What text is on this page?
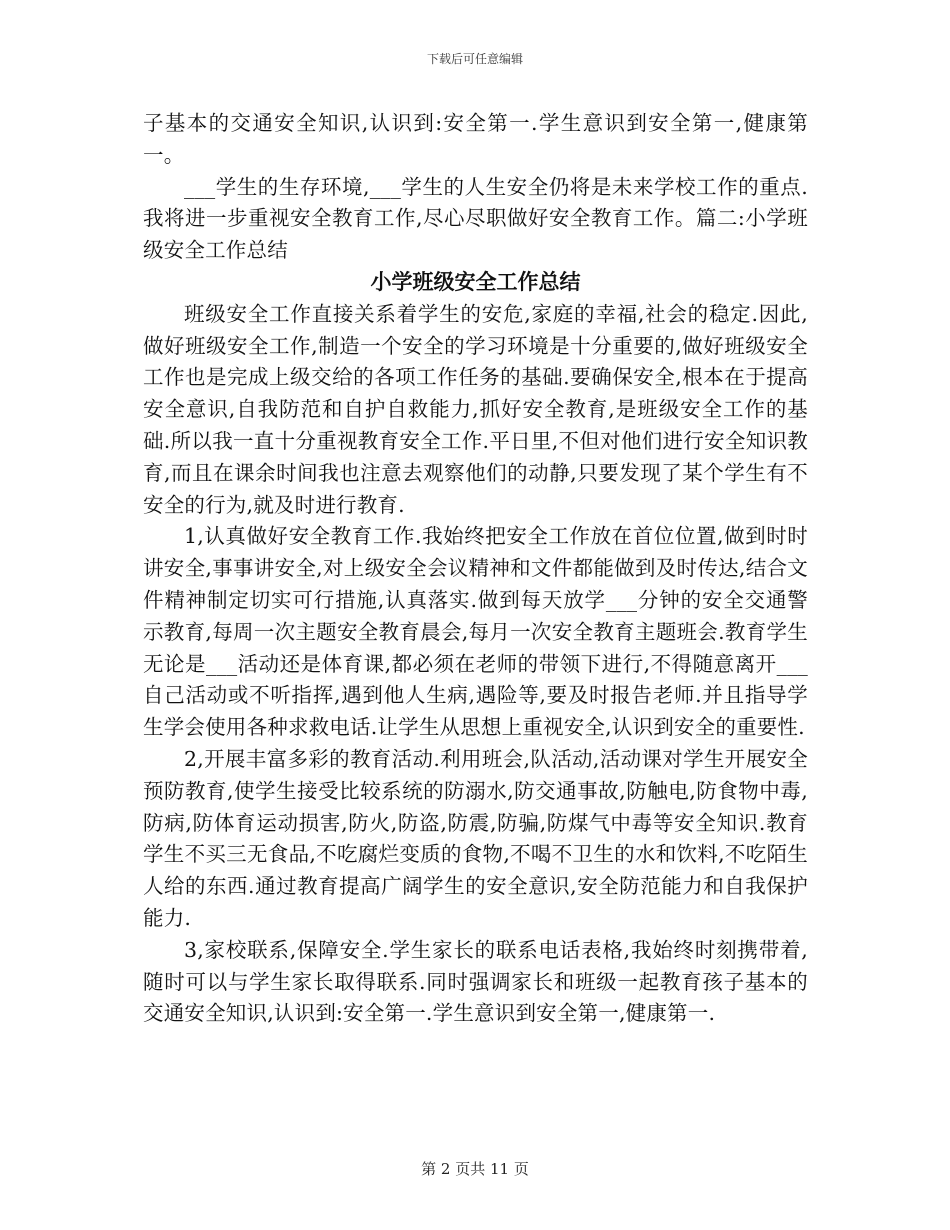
下载后可任意编辑

子基本的交通安全知识,认识到:安全第一.学生意识到安全第一,健康第一。

___学生的生存环境,___学生的人生安全仍将是未来学校工作的重点.我将进一步重视安全教育工作,尽心尽职做好安全教育工作。篇二:小学班级安全工作总结

小学班级安全工作总结

班级安全工作直接关系着学生的安危,家庭的幸福,社会的稳定.因此,做好班级安全工作,制造一个安全的学习环境是十分重要的,做好班级安全工作也是完成上级交给的各项工作任务的基础.要确保安全,根本在于提高安全意识,自我防范和自护自救能力,抓好安全教育,是班级安全工作的基础.所以我一直十分重视教育安全工作.平日里,不但对他们进行安全知识教育,而且在课余时间我也注意去观察他们的动静,只要发现了某个学生有不安全的行为,就及时进行教育.

1,认真做好安全教育工作.我始终把安全工作放在首位位置,做到时时讲安全,事事讲安全,对上级安全会议精神和文件都能做到及时传达,结合文件精神制定切实可行措施,认真落实.做到每天放学___分钟的安全交通警示教育,每周一次主题安全教育晨会,每月一次安全教育主题班会.教育学生无论是___活动还是体育课,都必须在老师的带领下进行,不得随意离开___自己活动或不听指挥,遇到他人生病,遇险等,要及时报告老师.并且指导学生学会使用各种求救电话.让学生从思想上重视安全,认识到安全的重要性.

2,开展丰富多彩的教育活动.利用班会,队活动,活动课对学生开展安全预防教育,使学生接受比较系统的防溺水,防交通事故,防触电,防食物中毒,防病,防体育运动损害,防火,防盗,防震,防骗,防煤气中毒等安全知识.教育学生不买三无食品,不吃腐烂变质的食物,不喝不卫生的水和饮料,不吃陌生人给的东西.通过教育提高广阔学生的安全意识,安全防范能力和自我保护能力.

3,家校联系,保障安全.学生家长的联系电话表格,我始终时刻携带着,随时可以与学生家长取得联系.同时强调家长和班级一起教育孩子基本的交通安全知识,认识到:安全第一.学生意识到安全第一,健康第一.

第 2 页共 11 页
